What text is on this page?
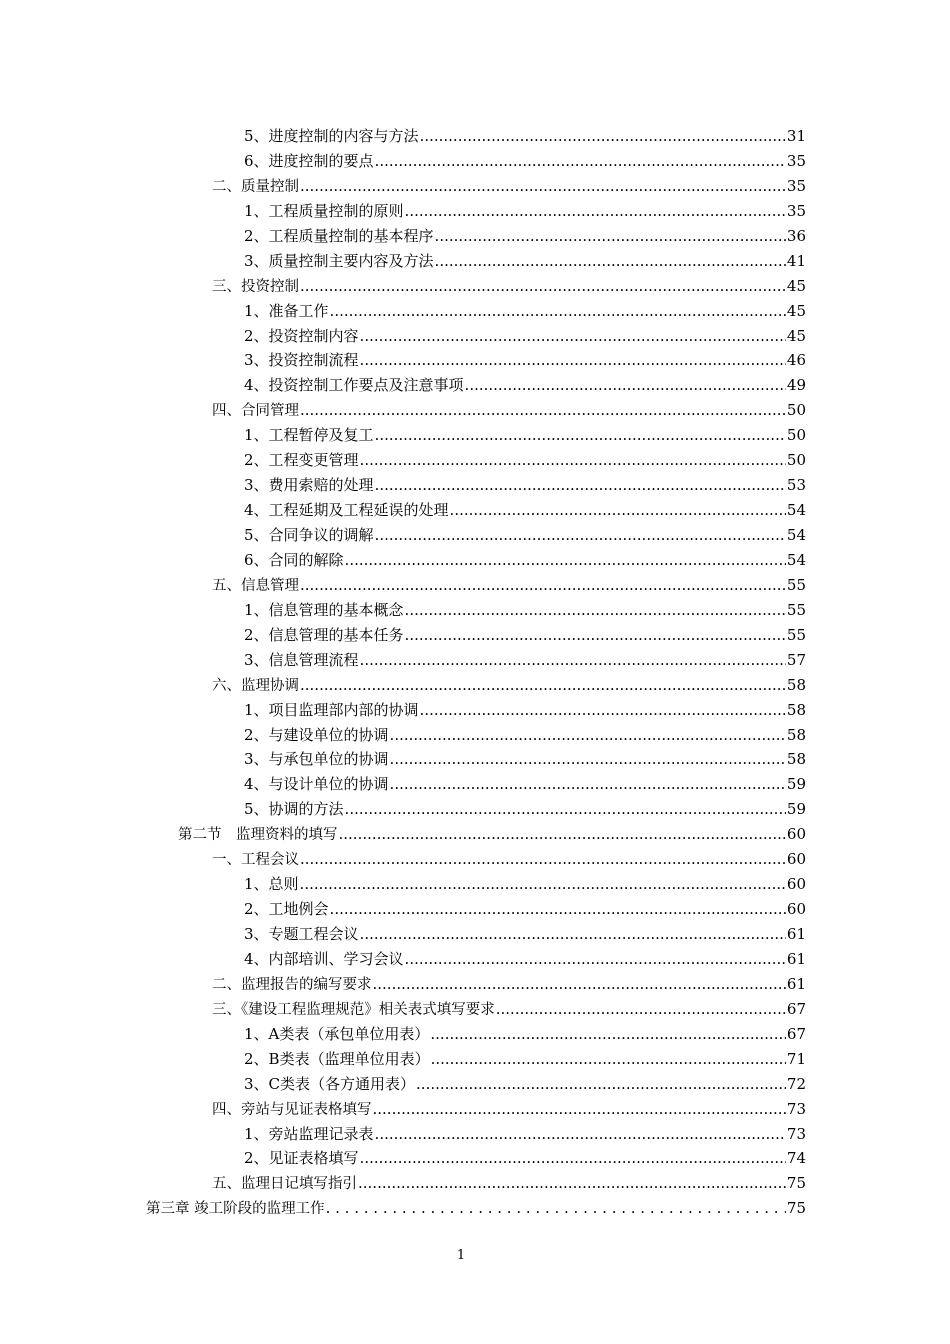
5、进度控制的内容与方法 .....	31
6、进度控制的要点 .....	35
二、质量控制 .....	35
1、工程质量控制的原则 .....	35
2、工程质量控制的基本程序 .....	36
3、质量控制主要内容及方法 .....	41
三、投资控制 .....	45
1、准备工作 .....	45
2、投资控制内容 .....	45
3、投资控制流程 .....	46
4、投资控制工作要点及注意事项 .....	49
四、合同管理 .....	50
1、工程暂停及复工 .....	50
2、工程变更管理 .....	50
3、费用索赔的处理 .....	53
4、工程延期及工程延误的处理 .....	54
5、合同争议的调解 .....	54
6、合同的解除 .....	54
五、信息管理 .....	55
1、信息管理的基本概念 .....	55
2、信息管理的基本任务 .....	55
3、信息管理流程 .....	57
六、监理协调 .....	58
1、项目监理部内部的协调 .....	58
2、与建设单位的协调 .....	58
3、与承包单位的协调 .....	58
4、与设计单位的协调 .....	59
5、协调的方法 .....	59
第二节　监理资料的填写 .....	60
一、工程会议 .....	60
1、总则 .....	60
2、工地例会 .....	60
3、专题工程会议 .....	61
4、内部培训、学习会议 .....	61
二、监理报告的编写要求 .....	61
三、《建设工程监理规范》相关表式填写要求 .....	67
1、A类表（承包单位用表） .....	67
2、B类表（监理单位用表） .....	71
3、C类表（各方通用表） .....	72
四、旁站与见证表格填写 .....	73
1、旁站监理记录表 .....	73
2、见证表格填写 .....	74
五、监理日记填写指引 .....	75
第三章 竣工阶段的监理工作 . . .	75
1
